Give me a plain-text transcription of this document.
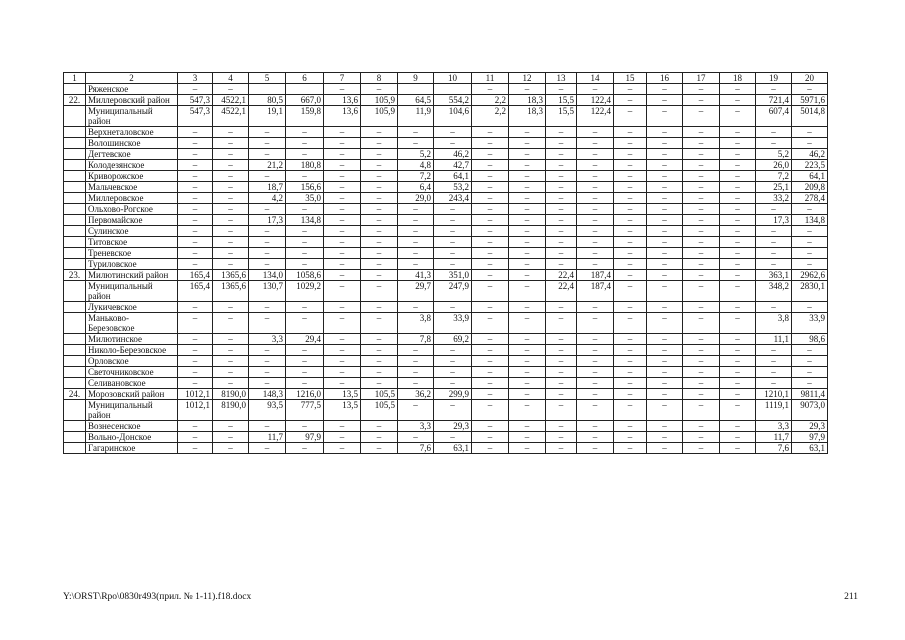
1	2	3	4	5	6	7	8	9	10	11	12	13	14	15	16	17	18	19	20
	Ряженское	–	–			–	–			–	–	–	–	–	–	–	–	–	–
22.	Миллеровский район	547,3	4522,1	80,5	667,0	13,6	105,9	64,5	554,2	2,2	18,3	15,5	122,4	–	–	–	–	721,4	5971,6
	Муниципальный район	547,3	4522,1	19,1	159,8	13,6	105,9	11,9	104,6	2,2	18,3	15,5	122,4	–	–	–	–	607,4	5014,8
	Верхнеталовское	–	–	–	–	–	–	–	–	–	–	–	–	–	–	–	–	–	–
	Волошинское	–	–	–	–	–	–	–	–	–	–	–	–	–	–	–	–	–	–
	Дегтевское	–	–	–	–	–	–	5,2	46,2	–	–	–	–	–	–	–	–	5,2	46,2
	Колодезянское	–	–	21,2	180,8	–	–	4,8	42,7	–	–	–	–	–	–	–	–	26,0	223,5
	Криворожское	–	–	–	–	–	–	7,2	64,1	–	–	–	–	–	–	–	–	7,2	64,1
	Мальчевское	–	–	18,7	156,6	–	–	6,4	53,2	–	–	–	–	–	–	–	–	25,1	209,8
	Миллеровское	–	–	4,2	35,0	–	–	29,0	243,4	–	–	–	–	–	–	–	–	33,2	278,4
	Ольхово-Рогское	–	–	–	–	–	–	–	–	–	–	–	–	–	–	–	–	–	–
	Первомайское	–	–	17,3	134,8	–	–	–	–	–	–	–	–	–	–	–	–	17,3	134,8
	Сулинское	–	–	–	–	–	–	–	–	–	–	–	–	–	–	–	–	–	–
	Титовское	–	–	–	–	–	–	–	–	–	–	–	–	–	–	–	–	–	–
	Треневское	–	–	–	–	–	–	–	–	–	–	–	–	–	–	–	–	–	–
	Туриловское	–	–	–	–	–	–	–	–	–	–	–	–	–	–	–	–	–	–
23.	Милютинский район	165,4	1365,6	134,0	1058,6	–	–	41,3	351,0	–	–	22,4	187,4	–	–	–	–	363,1	2962,6
	Муниципальный район	165,4	1365,6	130,7	1029,2	–	–	29,7	247,9	–	–	22,4	187,4	–	–	–	–	348,2	2830,1
	Лукичевское	–	–	–	–	–	–	–	–	–	–	–	–	–	–	–	–	–	–
	Маньково-Березовское	–	–	–	–	–	–	3,8	33,9	–	–	–	–	–	–	–	–	3,8	33,9
	Милютинское	–	–	3,3	29,4	–	–	7,8	69,2	–	–	–	–	–	–	–	–	11,1	98,6
	Николо-Березовское	–	–	–	–	–	–	–	–	–	–	–	–	–	–	–	–	–	–
	Орловское	–	–	–	–	–	–	–	–	–	–	–	–	–	–	–	–	–	–
	Светочниковское	–	–	–	–	–	–	–	–	–	–	–	–	–	–	–	–	–	–
	Селивановское	–	–	–	–	–	–	–	–	–	–	–	–	–	–	–	–	–	–
24.	Морозовский район	1012,1	8190,0	148,3	1216,0	13,5	105,5	36,2	299,9	–	–	–	–	–	–	–	–	1210,1	9811,4
	Муниципальный район	1012,1	8190,0	93,5	777,5	13,5	105,5	–	–	–	–	–	–	–	–	–	–	1119,1	9073,0
	Вознесенское	–	–	–	–	–	–	3,3	29,3	–	–	–	–	–	–	–	–	3,3	29,3
	Вольно-Донское	–	–	11,7	97,9	–	–	–	–	–	–	–	–	–	–	–	–	11,7	97,9
	Гагаринское	–	–	–	–	–	–	7,6	63,1	–	–	–	–	–	–	–	–	7,6	63,1
Y:\ORST\Rpo\0830r493(прил. № 1-11).f18.docx	211
